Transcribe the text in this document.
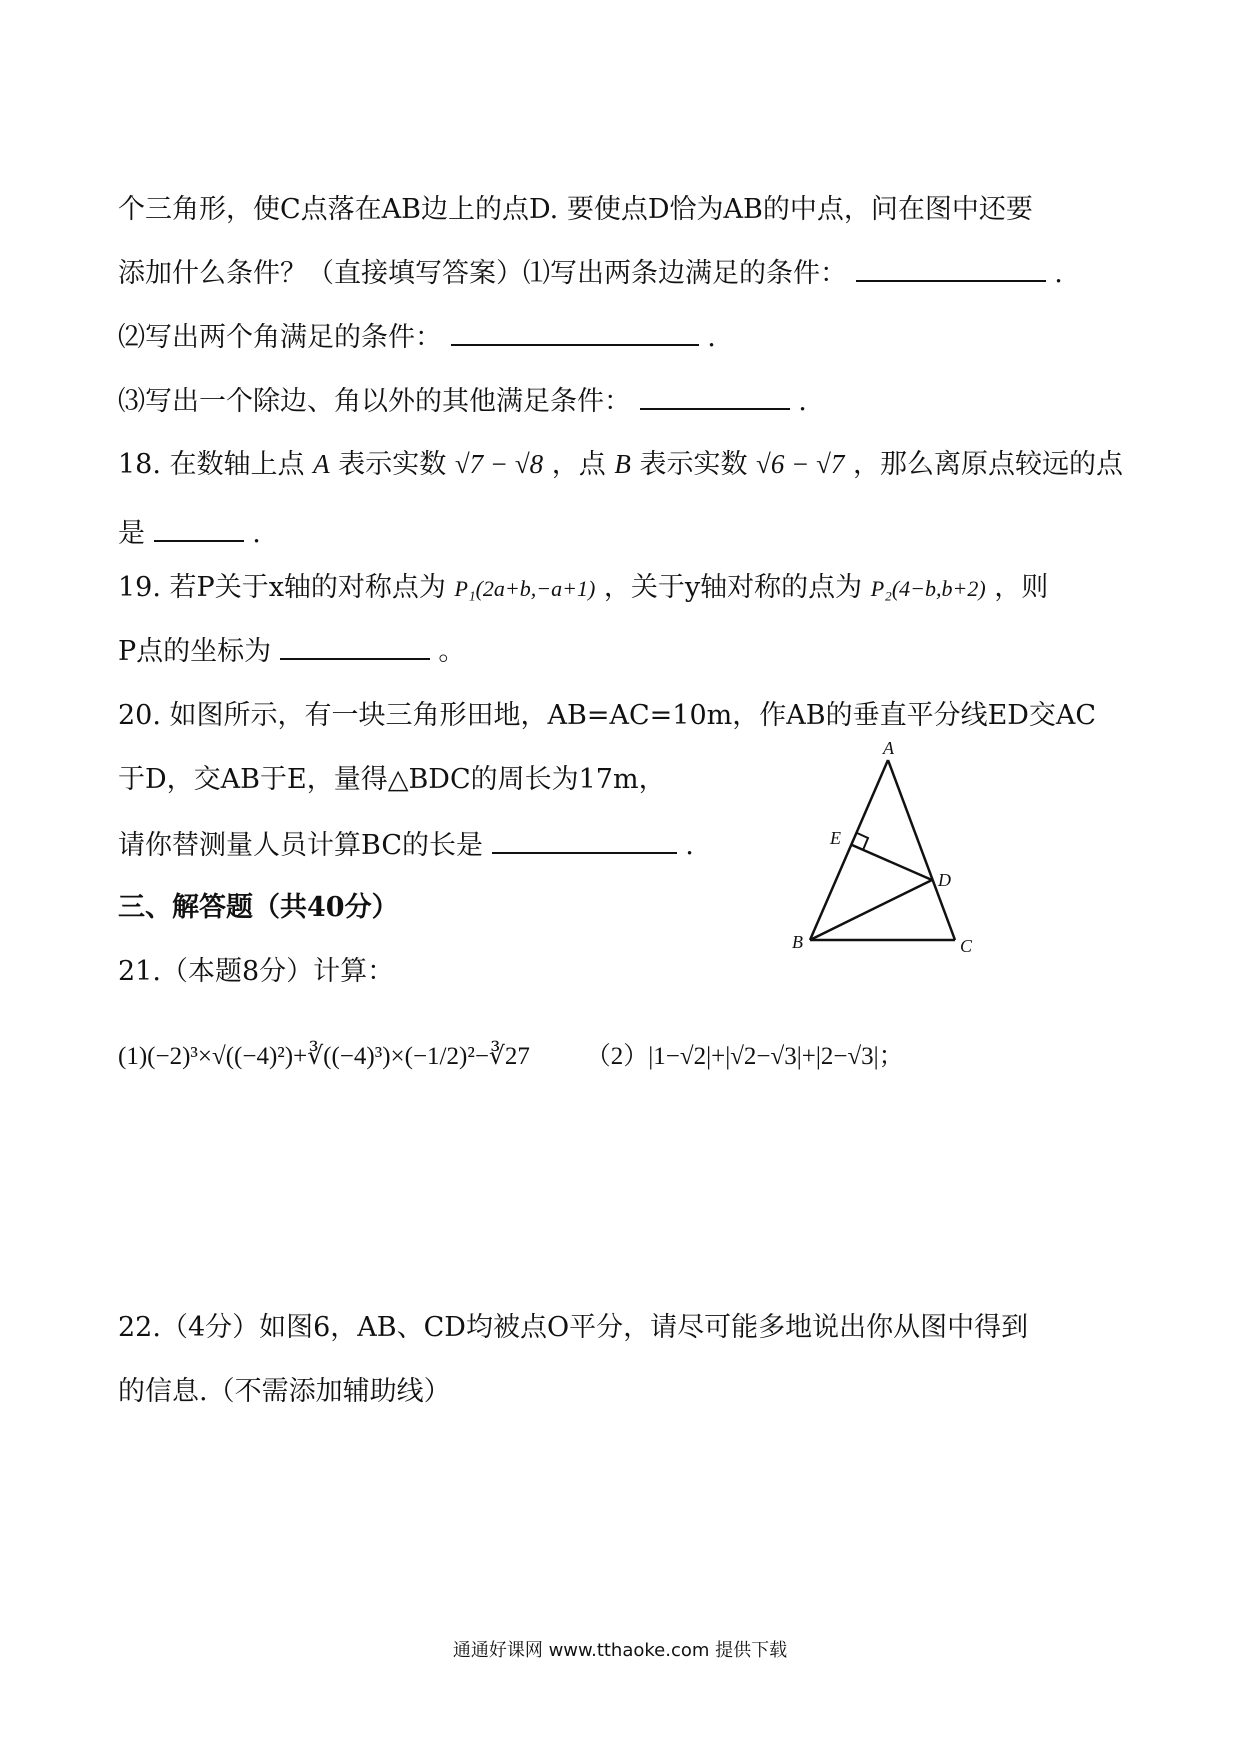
个三角形，使C点落在AB边上的点D. 要使点D恰为AB的中点，问在图中还要
添加什么条件？（直接填写答案）⑴写出两条边满足的条件：	.
⑵写出两个角满足的条件：	.
⑶写出一个除边、角以外的其他满足条件：	.
18. 在数轴上点 A 表示实数 √7 − √8 ，点 B 表示实数 √6 − √7 ，那么离原点较远的点
是	.
19. 若P关于x轴的对称点为 P₁(2a+b,−a+1) ，关于y轴对称的点为 P₂(4−b,b+2) ，则
P点的坐标为	。
20. 如图所示，有一块三角形田地，AB=AC=10m，作AB的垂直平分线ED交AC
于D，交AB于E，量得△BDC的周长为17m，
请你替测量人员计算BC的长是	.
A
B	C
D
E
三、解答题（共40分）
21.（本题8分）计算：
(1)(−2)³×√((−4)²)+∛((−4)³)×(−1/2)²−∛27 （2）|1−√2|+|√2−√3|+|2−√3|；
22.（4分）如图6，AB、CD均被点O平分，请尽可能多地说出你从图中得到
的信息.（不需添加辅助线）
通通好课网 www.tthaoke.com 提供下载
